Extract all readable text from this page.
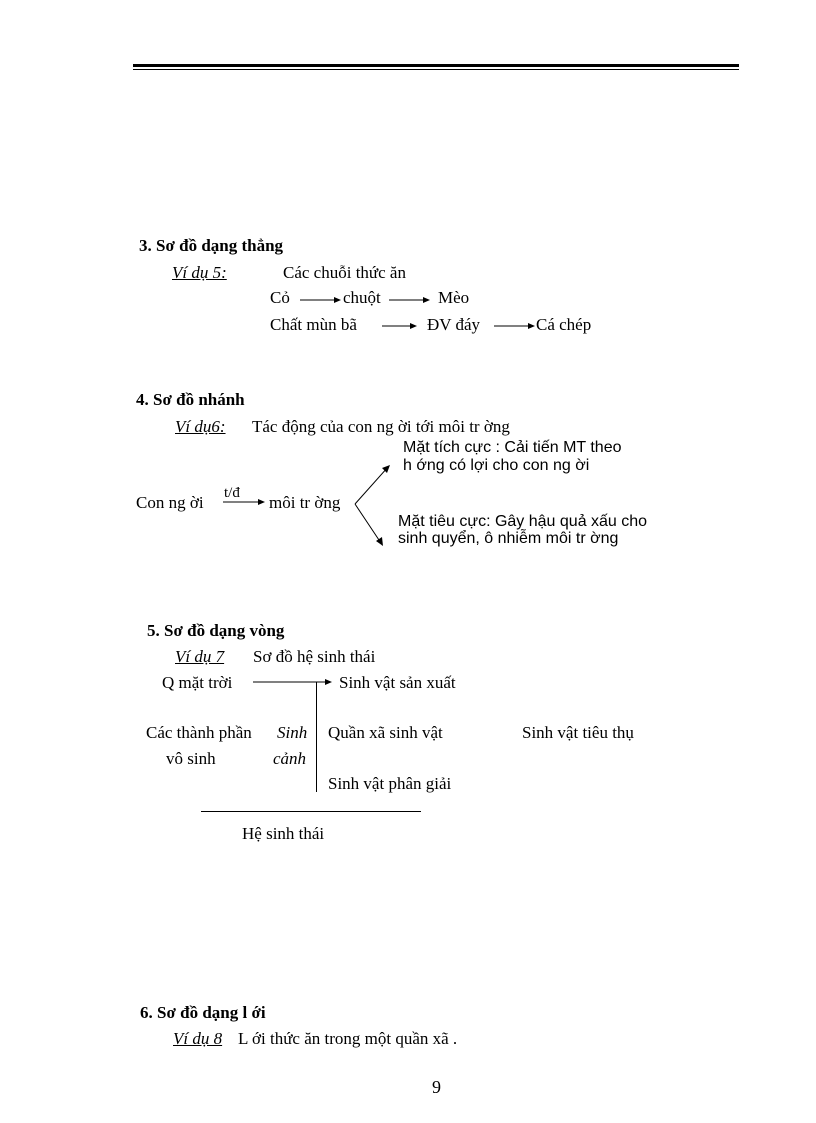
3. Sơ đồ dạng thẳng
Ví dụ 5:	Các chuỗi thức ăn
Cỏ	chuột	Mèo
Chất mùn bã	ĐV đáy	Cá chép
4. Sơ đồ nhánh
Ví dụ6: Tác động của con ng ời tới môi tr ờng
Mặt tích cực : Cải tiến MT theo
h ớng có lợi cho con ng ời
Con ng ời t/đ môi tr ờng
Mặt tiêu cực: Gây hậu quả xấu cho
sinh quyển, ô nhiễm môi tr ờng
5. Sơ đồ dạng vòng
Ví dụ 7 Sơ đồ hệ sinh thái
Q mặt trời	Sinh vật sản xuất
Các thành phần Sinh Quần xã sinh vật	Sinh vật tiêu thụ
vô sinh	cảnh
Sinh vật phân giải
Hệ sinh thái
6. Sơ đồ dạng l ới
Ví dụ 8 L ới thức ăn trong một quần xã .
9
